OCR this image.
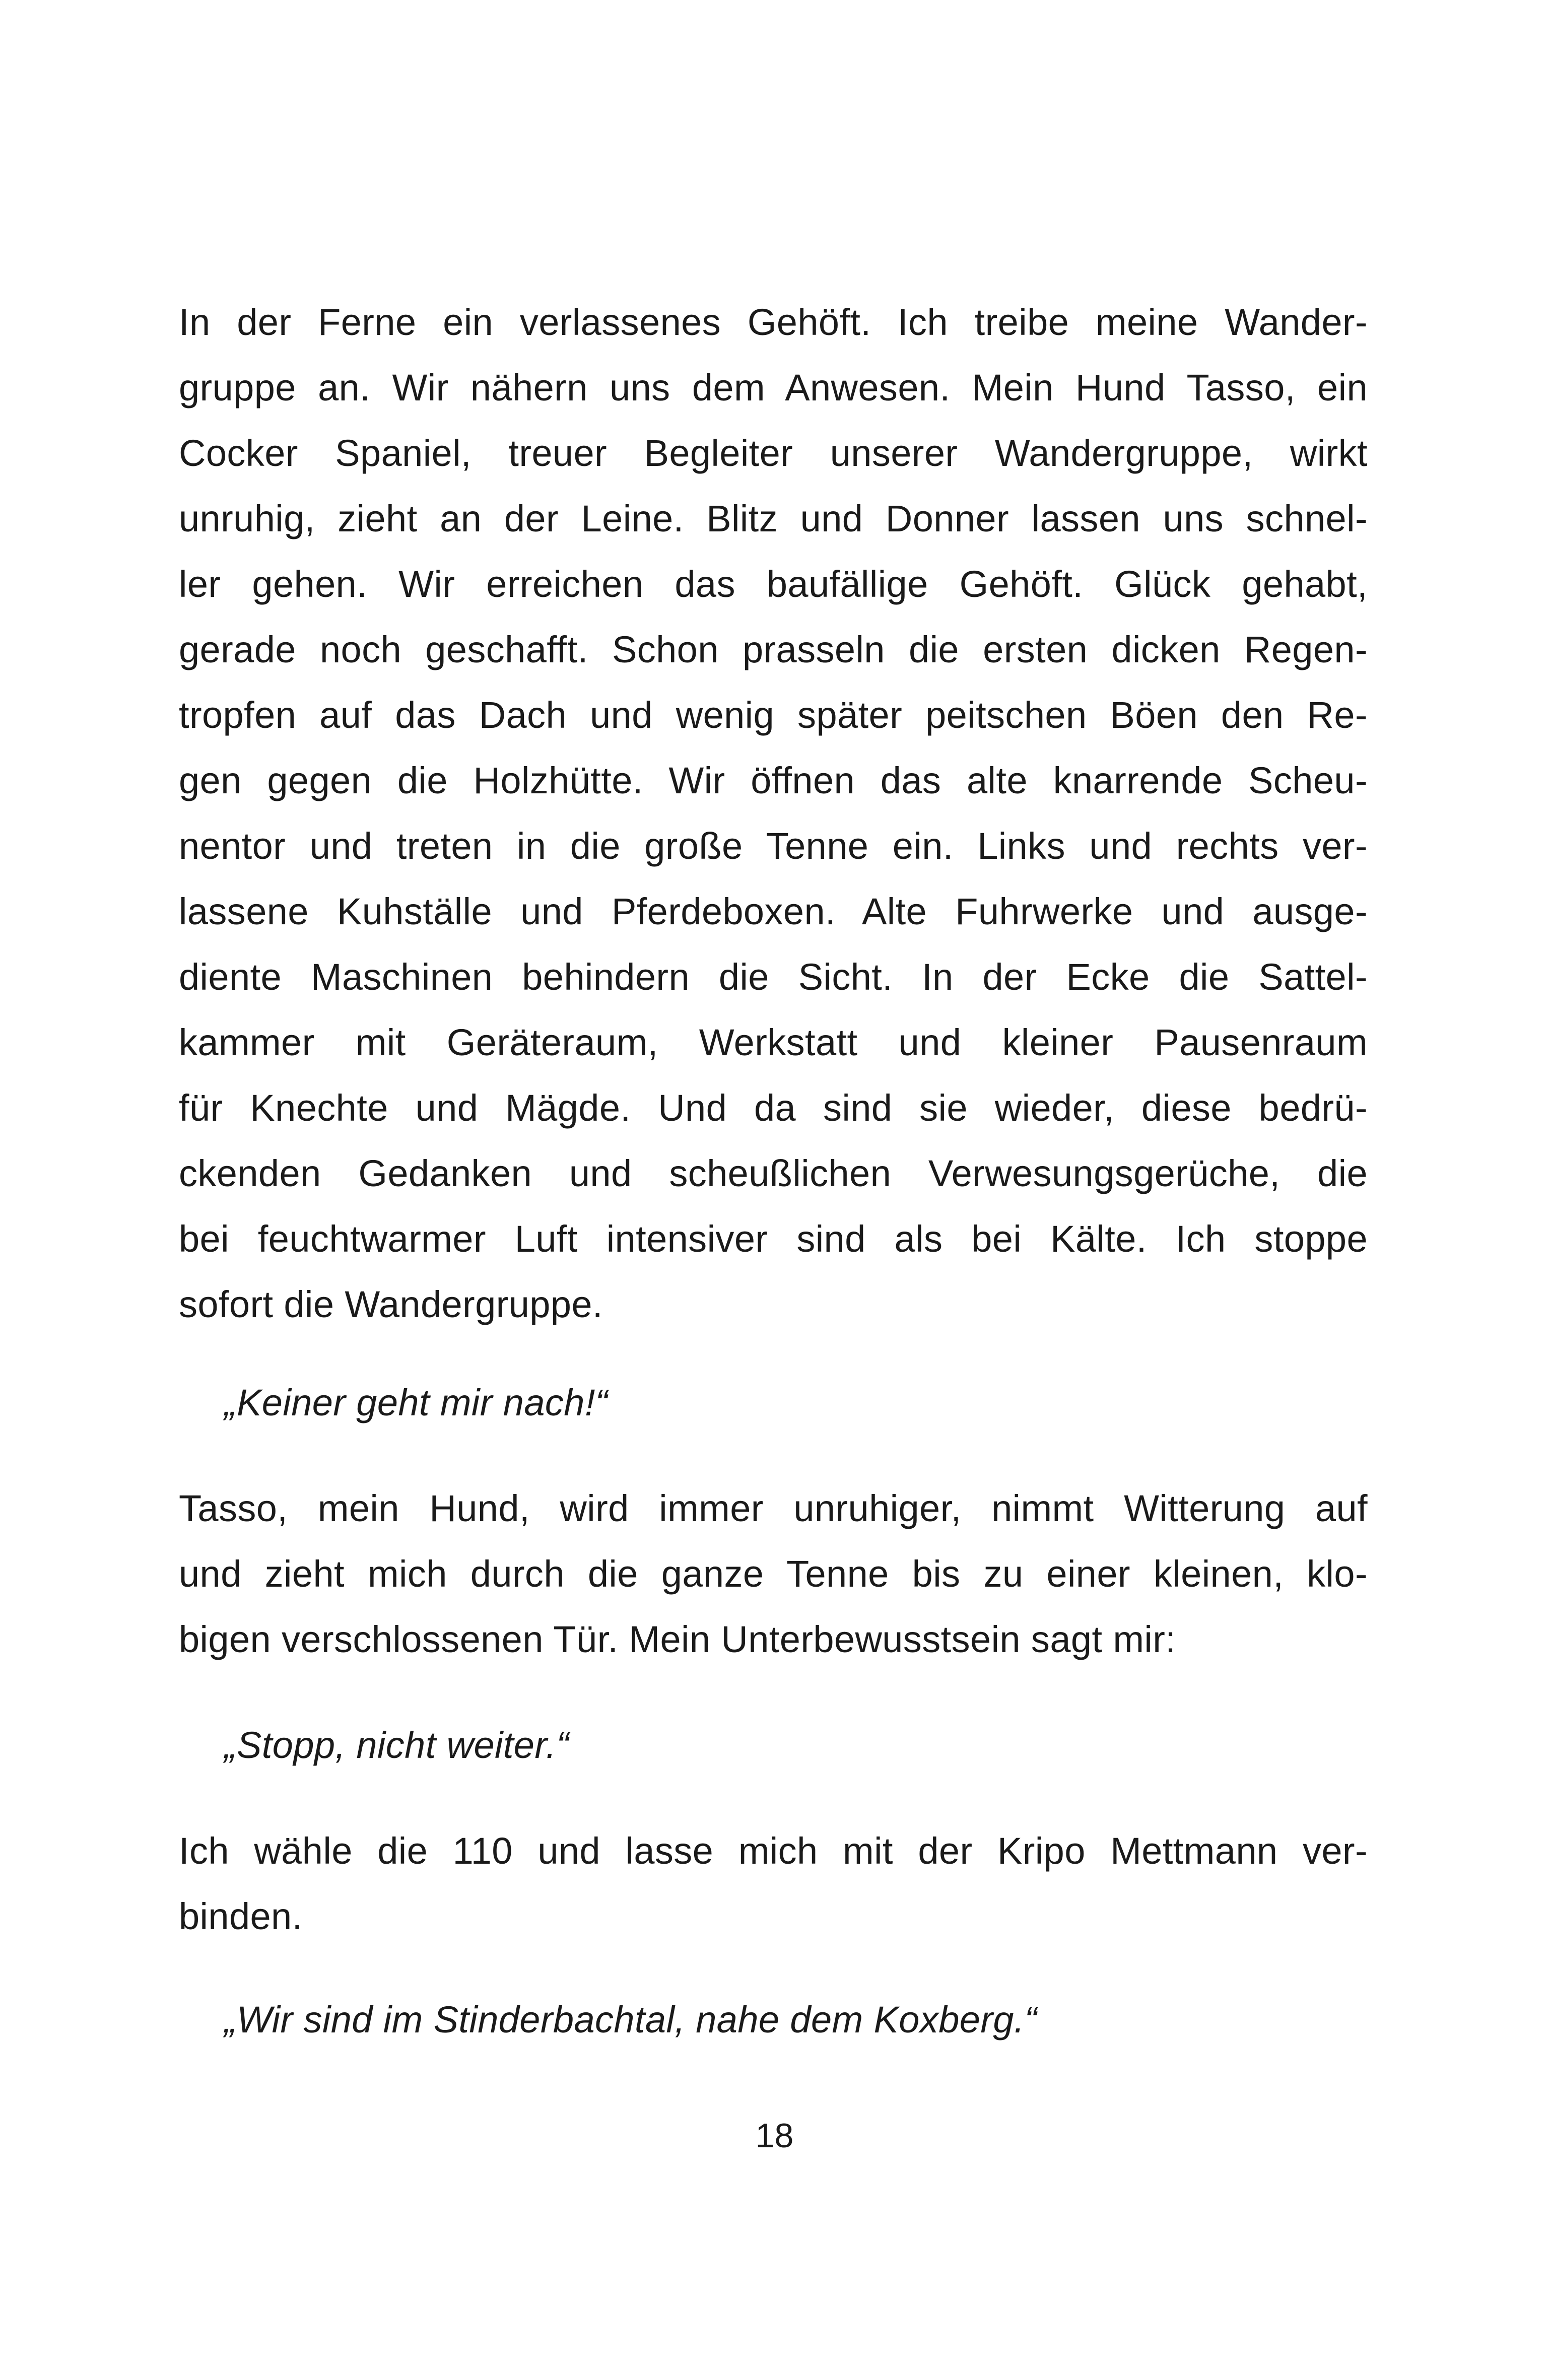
In der Ferne ein verlassenes Gehöft. Ich treibe meine Wander-
gruppe an. Wir nähern uns dem Anwesen. Mein Hund Tasso, ein
Cocker Spaniel, treuer Begleiter unserer Wandergruppe, wirkt
unruhig, zieht an der Leine. Blitz und Donner lassen uns schnel-
ler gehen. Wir erreichen das baufällige Gehöft. Glück gehabt,
gerade noch geschafft. Schon prasseln die ersten dicken Regen-
tropfen auf das Dach und wenig später peitschen Böen den Re-
gen gegen die Holzhütte. Wir öffnen das alte knarrende Scheu-
nentor und treten in die große Tenne ein. Links und rechts ver-
lassene Kuhställe und Pferdeboxen. Alte Fuhrwerke und ausge-
diente Maschinen behindern die Sicht. In der Ecke die Sattel-
kammer mit Geräteraum, Werkstatt und kleiner Pausenraum
für Knechte und Mägde. Und da sind sie wieder, diese bedrü-
ckenden Gedanken und scheußlichen Verwesungsgerüche, die
bei feuchtwarmer Luft intensiver sind als bei Kälte. Ich stoppe
sofort die Wandergruppe.
„Keiner geht mir nach!“
Tasso, mein Hund, wird immer unruhiger, nimmt Witterung auf
und zieht mich durch die ganze Tenne bis zu einer kleinen, klo-
bigen verschlossenen Tür. Mein Unterbewusstsein sagt mir:
„Stopp, nicht weiter.“
Ich wähle die 110 und lasse mich mit der Kripo Mettmann ver-
binden.
„Wir sind im Stinderbachtal, nahe dem Koxberg.“
18
